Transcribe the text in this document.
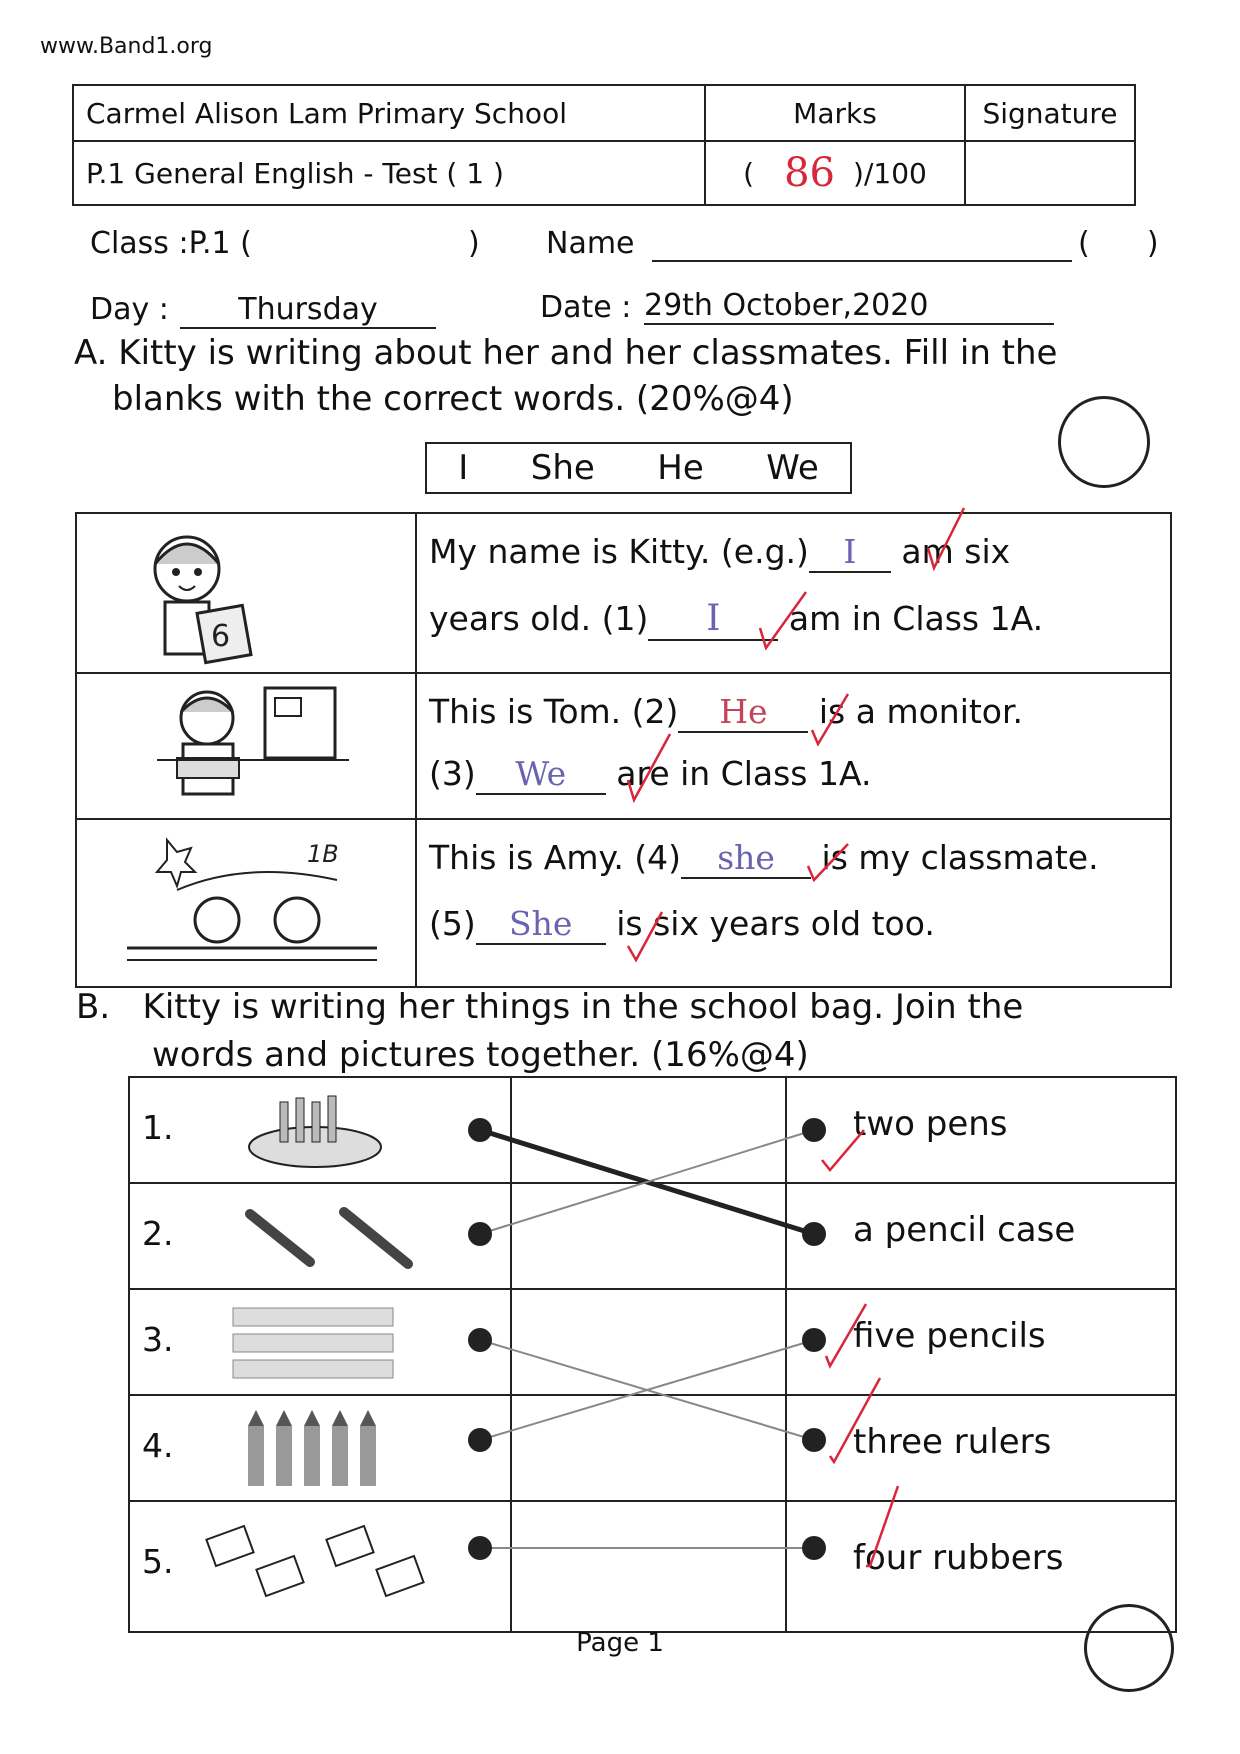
www.Band1.org
Carmel Alison Lam Primary School	Marks	Signature
P.1 General English - Test ( 1 )	( 86 )/100
Class :P.1 (	) Name	(      )
Day :	Thursday	Date : 29th October,2020
A. Kitty is writing about her and her classmates. Fill in the
blanks with the correct words. (20%@4)
I She He We
6
My name is Kitty. (e.g.) I am six
years old. (1) I am in Class 1A.
This is Tom. (2) He is a monitor.
(3) We are in Class 1A.
1B	This is Amy. (4) she is my classmate.
(5) She is six years old too.
B.   Kitty is writing her things in the school bag. Join the
words and pictures together. (16%@4)
1.	two pens
2.	a pencil case
3.	five pencils
4.	three rulers
5.	four rubbers
Page 1
